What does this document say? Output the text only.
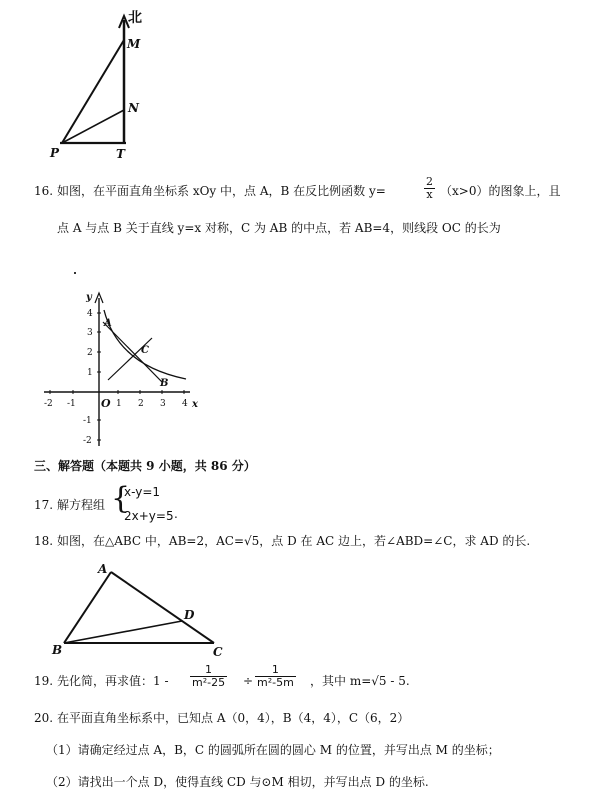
北
M
N
P	T
16. 如图，在平面直角坐标系 xOy 中，点 A，B 在反比例函数 y=	$\frac{2}{x} (x>0)$的图象上，且
点 A 与点 B 关于直线 y=x 对称，C 为 AB 的中点，若 AB=4，则线段 OC 的长为
y
x
O
A
B
C
-2 -1	1 2 3 4
4
3
2
1
-1
-2
三、解答题（本题共 9 小题，共 86 分）
17. 解方程组 {
x-y=1
2x+y=5 .
18. 如图，在△ABC 中，AB=2，AC=√5，点 D 在 AC 边上，若∠ABD=∠C，求 AD 的长.
A
B	C
D
19. 先化简，再求值：$1 - \frac{1}{\text{m²-25}} \div \frac{1}{\text{m²-5m}}$ ，其中 m=√5 - 5.
20. 在平面直角坐标系中，已知点 A（0，4），B（4，4），C（6，2）
（1）请确定经过点 A，B，C 的圆弧所在圆的圆心 M 的位置，并写出点 M 的坐标；
（2）请找出一个点 D，使得直线 CD 与⊙M 相切，并写出点 D 的坐标.
